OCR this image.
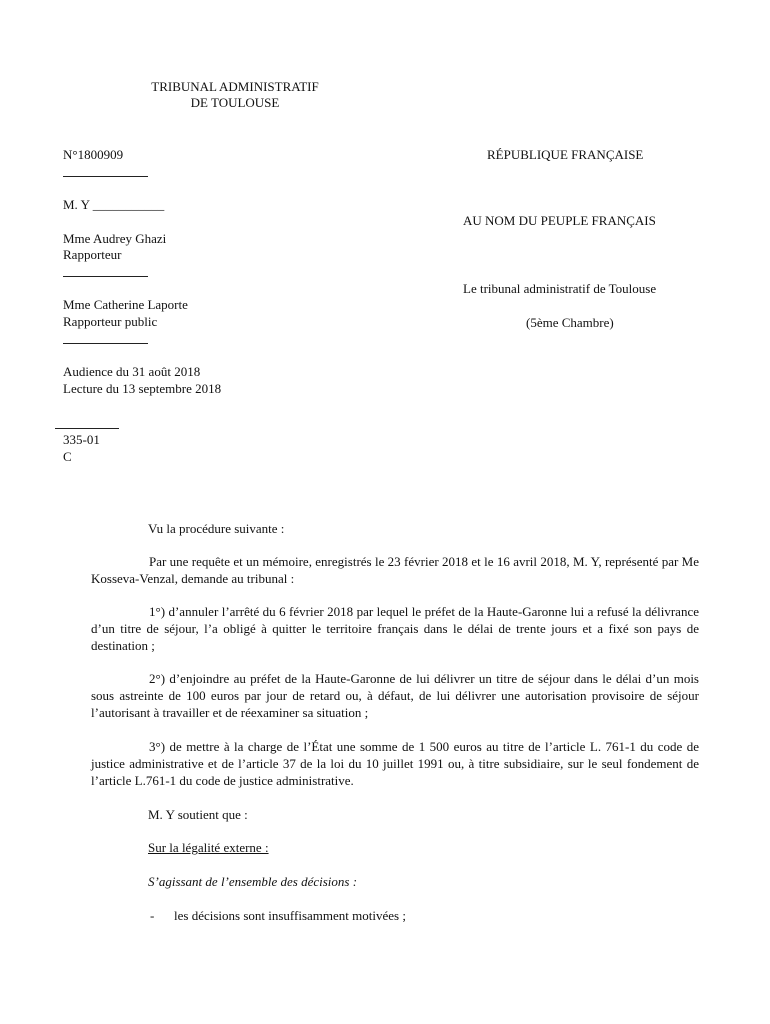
TRIBUNAL ADMINISTRATIF
DE TOULOUSE
N°1800909
M. Y ___________
Mme Audrey Ghazi
Rapporteur
Mme Catherine Laporte
Rapporteur public
Audience du 31 août 2018
Lecture du 13 septembre 2018
335-01
C
RÉPUBLIQUE FRANÇAISE
AU NOM DU PEUPLE FRANÇAIS
Le tribunal administratif de Toulouse
(5ème Chambre)
Vu la procédure suivante :
Par une requête et un mémoire, enregistrés le 23 février 2018 et le 16 avril 2018, M. Y, représenté par Me Kosseva-Venzal, demande au tribunal :
1°) d’annuler l’arrêté du 6 février 2018 par lequel le préfet de la Haute-Garonne lui a refusé la délivrance d’un titre de séjour, l’a obligé à quitter le territoire français dans le délai de trente jours et a fixé son pays de destination ;
2°) d’enjoindre au préfet de la Haute-Garonne de lui délivrer un titre de séjour dans le délai d’un mois sous astreinte de 100 euros par jour de retard ou, à défaut, de lui délivrer une autorisation provisoire de séjour l’autorisant à travailler et de réexaminer sa situation ;
3°) de mettre à la charge de l’État une somme de 1 500 euros au titre de l’article L. 761-1 du code de justice administrative et de l’article 37 de la loi du 10 juillet 1991 ou, à titre subsidiaire, sur le seul fondement de l’article L.761-1 du code de justice administrative.
M. Y soutient que :
Sur la légalité externe :
S’agissant de l’ensemble des décisions :
- les décisions sont insuffisamment motivées ;
